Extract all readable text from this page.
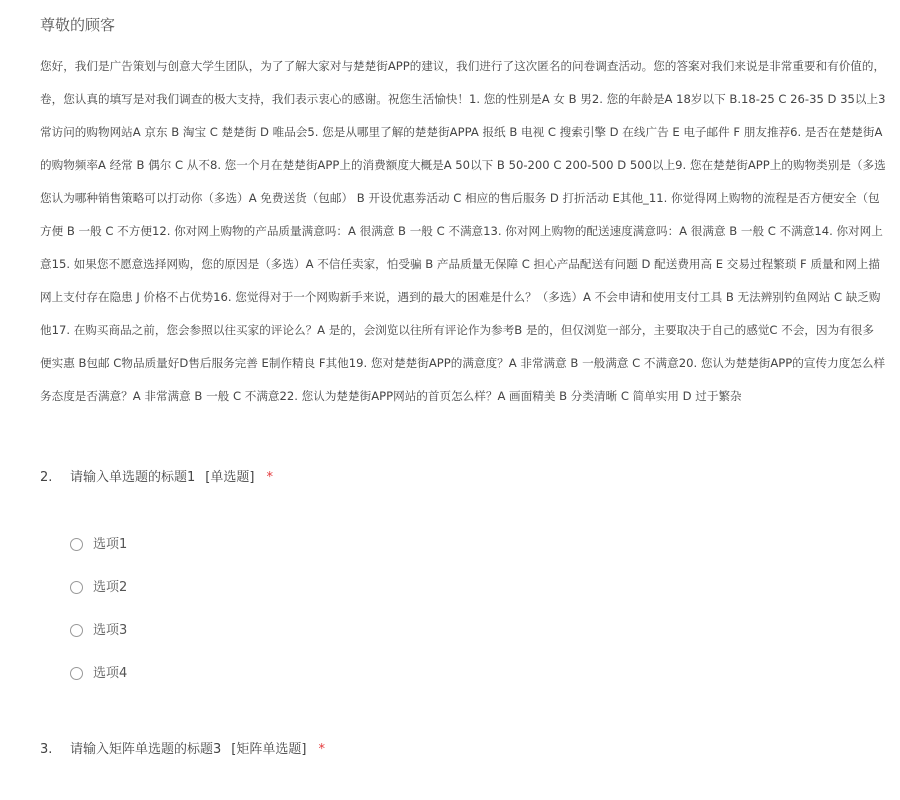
尊敬的顾客
您好，我们是广告策划与创意大学生团队，为了了解大家对与楚楚街APP的建议，我们进行了这次匿名的问卷调查活动。您的答案对我们来说是非常重要和有价值的，
卷，您认真的填写是对我们调查的极大支持，我们表示衷心的感谢。祝您生活愉快！1. 您的性别是A 女 B 男2. 您的年龄是A 18岁以下 B.18-25 C 26-35 D 35以上3
常访问的购物网站A 京东 B 淘宝 C 楚楚街 D 唯品会5. 您是从哪里了解的楚楚街APPA 报纸 B 电视 C 搜索引擎 D 在线广告 E 电子邮件 F 朋友推荐6. 是否在楚楚街A
的购物频率A 经常 B 偶尔 C 从不8. 您一个月在楚楚街APP上的消费额度大概是A 50以下 B 50-200 C 200-500 D 500以上9. 您在楚楚街APP上的购物类别是（多选
您认为哪种销售策略可以打动你（多选）A 免费送货（包邮） B 开设优惠劵活动 C 相应的售后服务 D 打折活动 E其他_11. 你觉得网上购物的流程是否方便安全（包
方便 B 一般 C 不方便12. 你对网上购物的产品质量满意吗：A 很满意 B 一般 C 不满意13. 你对网上购物的配送速度满意吗：A 很满意 B 一般 C 不满意14. 你对网上
意15. 如果您不愿意选择网购，您的原因是（多选）A 不信任卖家，怕受骗 B 产品质量无保障 C 担心产品配送有问题 D 配送费用高 E 交易过程繁琐 F 质量和网上描
网上支付存在隐患 J 价格不占优势16. 您觉得对于一个网购新手来说，遇到的最大的困难是什么？（多选）A 不会申请和使用支付工具 B 无法辨别钓鱼网站 C 缺乏购
他17. 在购买商品之前，您会参照以往买家的评论么？A 是的，会浏览以往所有评论作为参考B 是的，但仅浏览一部分，主要取决于自己的感觉C 不会，因为有很多
便实惠 B包邮 C物品质量好D售后服务完善 E制作精良 F其他19. 您对楚楚街APP的满意度？A 非常满意 B 一般满意 C 不满意20. 您认为楚楚街APP的宣传力度怎么样
务态度是否满意？A 非常满意 B 一般 C 不满意22. 您认为楚楚街APP网站的首页怎么样？A 画面精美 B 分类清晰 C 简单实用 D 过于繁杂
2. 请输入单选题的标题1 [单选题] *
选项1
选项2
选项3
选项4
3. 请输入矩阵单选题的标题3 [矩阵单选题] *
